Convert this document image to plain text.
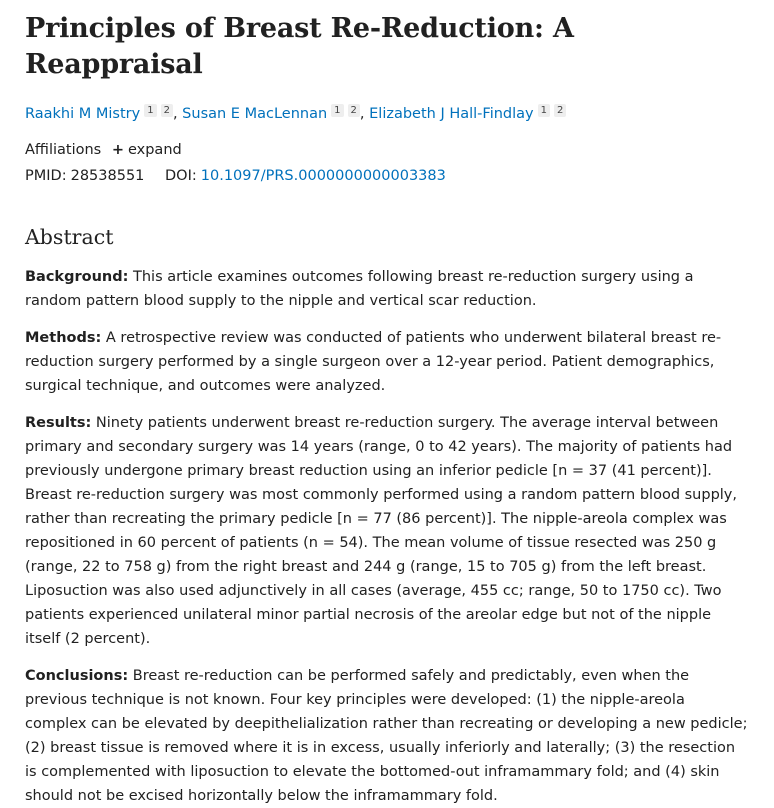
Principles of Breast Re-Reduction: A Reappraisal
Raakhi M Mistry 1 2 , Susan E MacLennan 1 2 , Elizabeth J Hall-Findlay 1 2
Affiliations + expand
PMID: 28538551 DOI: 10.1097/PRS.0000000000003383
Abstract

Background: This article examines outcomes following breast re-reduction surgery using a random pattern blood supply to the nipple and vertical scar reduction.

Methods: A retrospective review was conducted of patients who underwent bilateral breast re-reduction surgery performed by a single surgeon over a 12-year period. Patient demographics, surgical technique, and outcomes were analyzed.

Results: Ninety patients underwent breast re-reduction surgery. The average interval between primary and secondary surgery was 14 years (range, 0 to 42 years). The majority of patients had previously undergone primary breast reduction using an inferior pedicle [n = 37 (41 percent)]. Breast re-reduction surgery was most commonly performed using a random pattern blood supply, rather than recreating the primary pedicle [n = 77 (86 percent)]. The nipple-areola complex was repositioned in 60 percent of patients (n = 54). The mean volume of tissue resected was 250 g (range, 22 to 758 g) from the right breast and 244 g (range, 15 to 705 g) from the left breast. Liposuction was also used adjunctively in all cases (average, 455 cc; range, 50 to 1750 cc). Two patients experienced unilateral minor partial necrosis of the areolar edge but not of the nipple itself (2 percent).

Conclusions: Breast re-reduction can be performed safely and predictably, even when the previous technique is not known. Four key principles were developed: (1) the nipple-areola complex can be elevated by deepithelialization rather than recreating or developing a new pedicle; (2) breast tissue is removed where it is in excess, usually inferiorly and laterally; (3) the resection is complemented with liposuction to elevate the bottomed-out inframammary fold; and (4) skin should not be excised horizontally below the inframammary fold.
